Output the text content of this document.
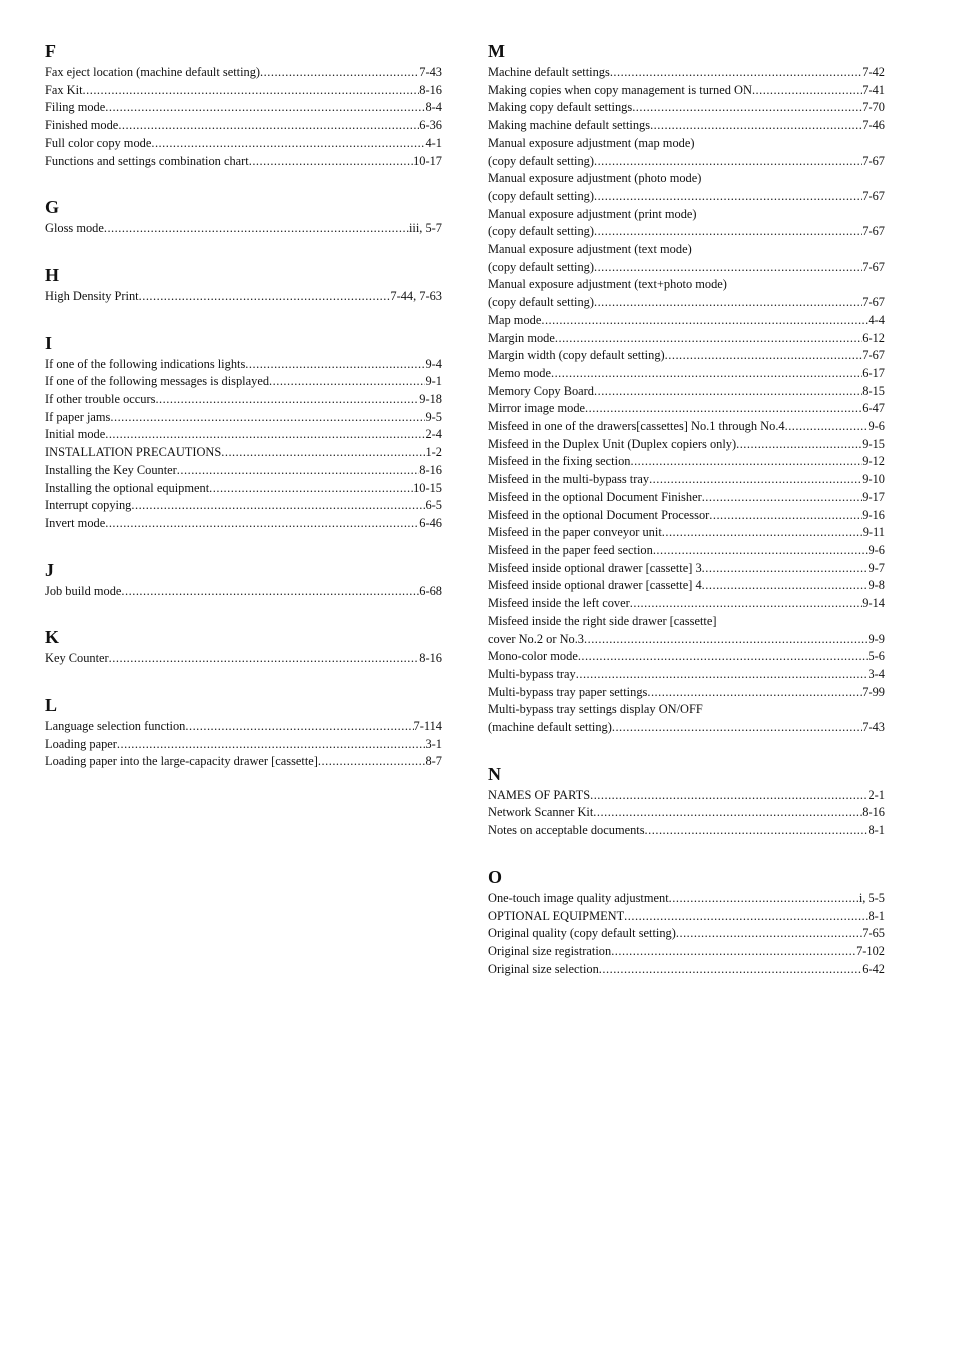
F
Fax eject location (machine default setting) .....	7-43
Fax Kit .....	8-16
Filing mode .....	8-4
Finished mode .....	6-36
Full color copy mode .....	4-1
Functions and settings combination chart .....	10-17
G
Gloss mode .....	iii, 5-7
H
High Density Print .....	7-44, 7-63
I
If one of the following indications lights .....	9-4
If one of the following messages is displayed .....	9-1
If other trouble occurs .....	9-18
If paper jams .....	9-5
Initial mode .....	2-4
INSTALLATION PRECAUTIONS .....	1-2
Installing the Key Counter .....	8-16
Installing the optional equipment .....	10-15
Interrupt copying .....	6-5
Invert mode .....	6-46
J
Job build mode .....	6-68
K
Key Counter .....	8-16
L
Language selection function .....	7-114
Loading paper .....	3-1
Loading paper into the large-capacity drawer [cassette] .....	8-7
M
Machine default settings .....	7-42
Making copies when copy management is turned ON .....	7-41
Making copy default settings .....	7-70
Making machine default settings .....	7-46
Manual exposure adjustment (map mode)
(copy default setting) .....	7-67
Manual exposure adjustment (photo mode)
(copy default setting) .....	7-67
Manual exposure adjustment (print mode)
(copy default setting) .....	7-67
Manual exposure adjustment (text mode)
(copy default setting) .....	7-67
Manual exposure adjustment (text+photo mode)
(copy default setting) .....	7-67
Map mode .....	4-4
Margin mode .....	6-12
Margin width (copy default setting) .....	7-67
Memo mode .....	6-17
Memory Copy Board .....	8-15
Mirror image mode .....	6-47
Misfeed in one of the drawers[cassettes] No.1 through No.4 .....	9-6
Misfeed in the Duplex Unit (Duplex copiers only) .....	9-15
Misfeed in the fixing section .....	9-12
Misfeed in the multi-bypass tray .....	9-10
Misfeed in the optional Document Finisher .....	9-17
Misfeed in the optional Document Processor .....	9-16
Misfeed in the paper conveyor unit .....	9-11
Misfeed in the paper feed section .....	9-6
Misfeed inside optional drawer [cassette] 3 .....	9-7
Misfeed inside optional drawer [cassette] 4 .....	9-8
Misfeed inside the left cover .....	9-14
Misfeed inside the right side drawer [cassette]
cover No.2 or No.3 .....	9-9
Mono-color mode .....	5-6
Multi-bypass tray .....	3-4
Multi-bypass tray paper settings .....	7-99
Multi-bypass tray settings display ON/OFF
(machine default setting) .....	7-43
N
NAMES OF PARTS .....	2-1
Network Scanner Kit .....	8-16
Notes on acceptable documents .....	8-1
O
One-touch image quality adjustment .....	i, 5-5
OPTIONAL EQUIPMENT .....	8-1
Original quality (copy default setting) .....	7-65
Original size registration .....	7-102
Original size selection .....	6-42
